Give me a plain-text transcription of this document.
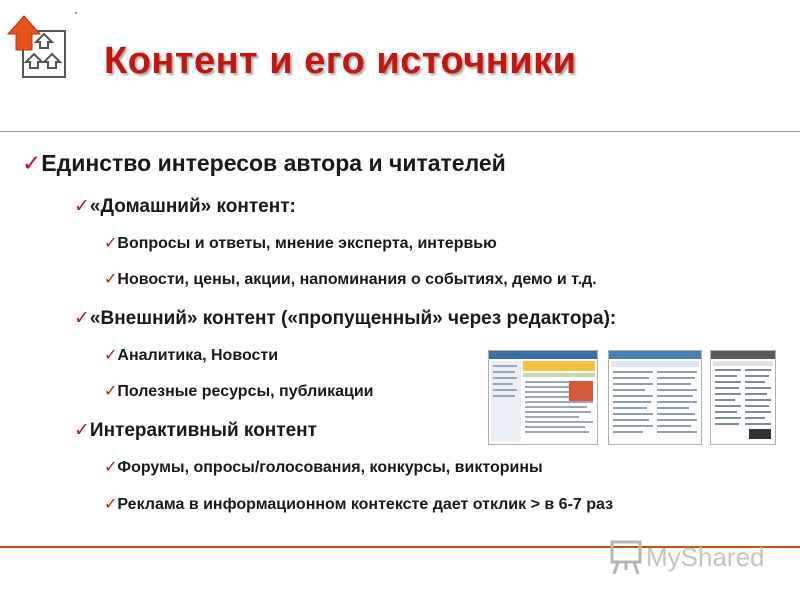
Контент и его источники
✓Единство интересов автора и читателей
✓«Домашний» контент:
✓Вопросы и ответы, мнение эксперта, интервью
✓Новости, цены, акции, напоминания о событиях, демо и т.д.
✓«Внешний» контент («пропущенный» через редактора):
✓Аналитика, Новости
✓Полезные ресурсы, публикации
✓Интерактивный контент
✓Форумы, опросы/голосования, конкурсы, викторины
✓Реклама в информационном контексте дает отклик > в 6-7 раз
MyShared
